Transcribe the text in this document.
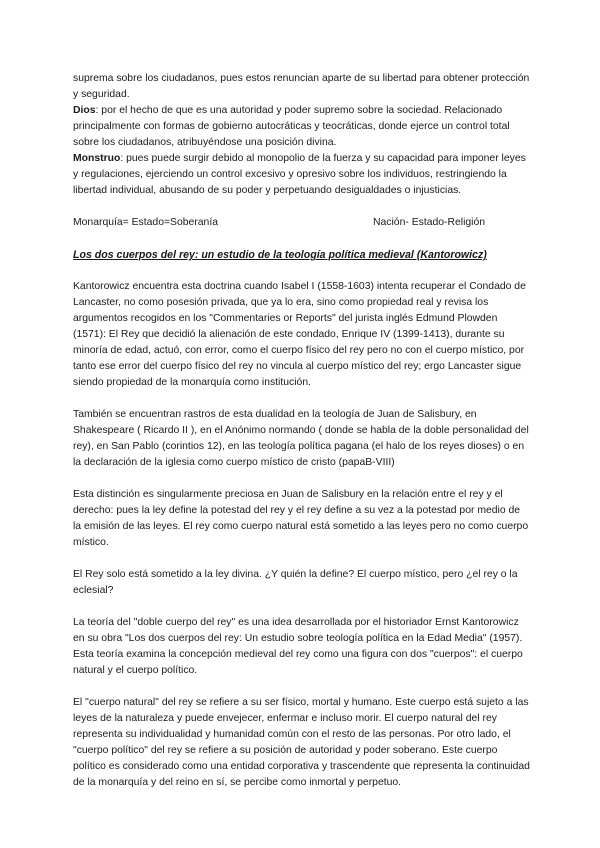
suprema sobre los ciudadanos, pues estos renuncian aparte de su libertad para obtener protección y seguridad.

Dios: por el hecho de que es una autoridad y poder supremo sobre la sociedad. Relacionado principalmente con formas de gobierno autocráticas y teocráticas, donde ejerce un control total sobre los ciudadanos, atribuyéndose una posición divina.

Monstruo: pues puede surgir debido al monopolio de la fuerza y su capacidad para imponer leyes y regulaciones, ejerciendo un control excesivo y opresivo sobre los individuos, restringiendo la libertad individual, abusando de su poder y perpetuando desigualdades o injusticias.

Monarquía= Estado=Soberanía	Nación- Estado-Religión

Los dos cuerpos del rey: un estudio de la teología política medieval (Kantorowicz)

Kantorowicz encuentra esta doctrina cuando Isabel I (1558-1603) intenta recuperar el Condado de Lancaster, no como posesión privada, que ya lo era, sino como propiedad real y revisa los argumentos recogidos en los "Commentaries or Reports" del jurista inglés Edmund Plowden (1571): El Rey que decidió la alienación de este condado, Enrique IV (1399-1413), durante su minoría de edad, actuó, con error, como el cuerpo físico del rey pero no con el cuerpo místico, por tanto ese error del cuerpo físico del rey no vincula al cuerpo místico del rey; ergo Lancaster sigue siendo propiedad de la monarquía como institución.

También se encuentran rastros de esta dualidad en la teología de Juan de Salisbury, en Shakespeare ( Ricardo II ), en el Anónimo normando ( donde se habla de la doble personalidad del rey), en San Pablo (corintios 12), en las teología política pagana (el halo de los reyes dioses) o en la declaración de la iglesia como cuerpo místico de cristo (papaB-VIII)

Esta distinción es singularmente preciosa en Juan de Salisbury en la relación entre el rey y el derecho: pues la ley define la potestad del rey y el rey define a su vez a la potestad por medio de la emisión de las leyes. El rey como cuerpo natural está sometido a las leyes pero no como cuerpo místico.

El Rey solo está sometido a la ley divina. ¿Y quién la define? El cuerpo místico, pero ¿el rey o la eclesial?

La teoría del "doble cuerpo del rey" es una idea desarrollada por el historiador Ernst Kantorowicz en su obra "Los dos cuerpos del rey: Un estudio sobre teología política en la Edad Media" (1957). Esta teoría examina la concepción medieval del rey como una figura con dos "cuerpos": el cuerpo natural y el cuerpo político.

El "cuerpo natural" del rey se refiere a su ser físico, mortal y humano. Este cuerpo está sujeto a las leyes de la naturaleza y puede envejecer, enfermar e incluso morir. El cuerpo natural del rey representa su individualidad y humanidad común con el resto de las personas. Por otro lado, el "cuerpo político" del rey se refiere a su posición de autoridad y poder soberano. Este cuerpo político es considerado como una entidad corporativa y trascendente que representa la continuidad de la monarquía y del reino en sí, se percibe como inmortal y perpetuo.
